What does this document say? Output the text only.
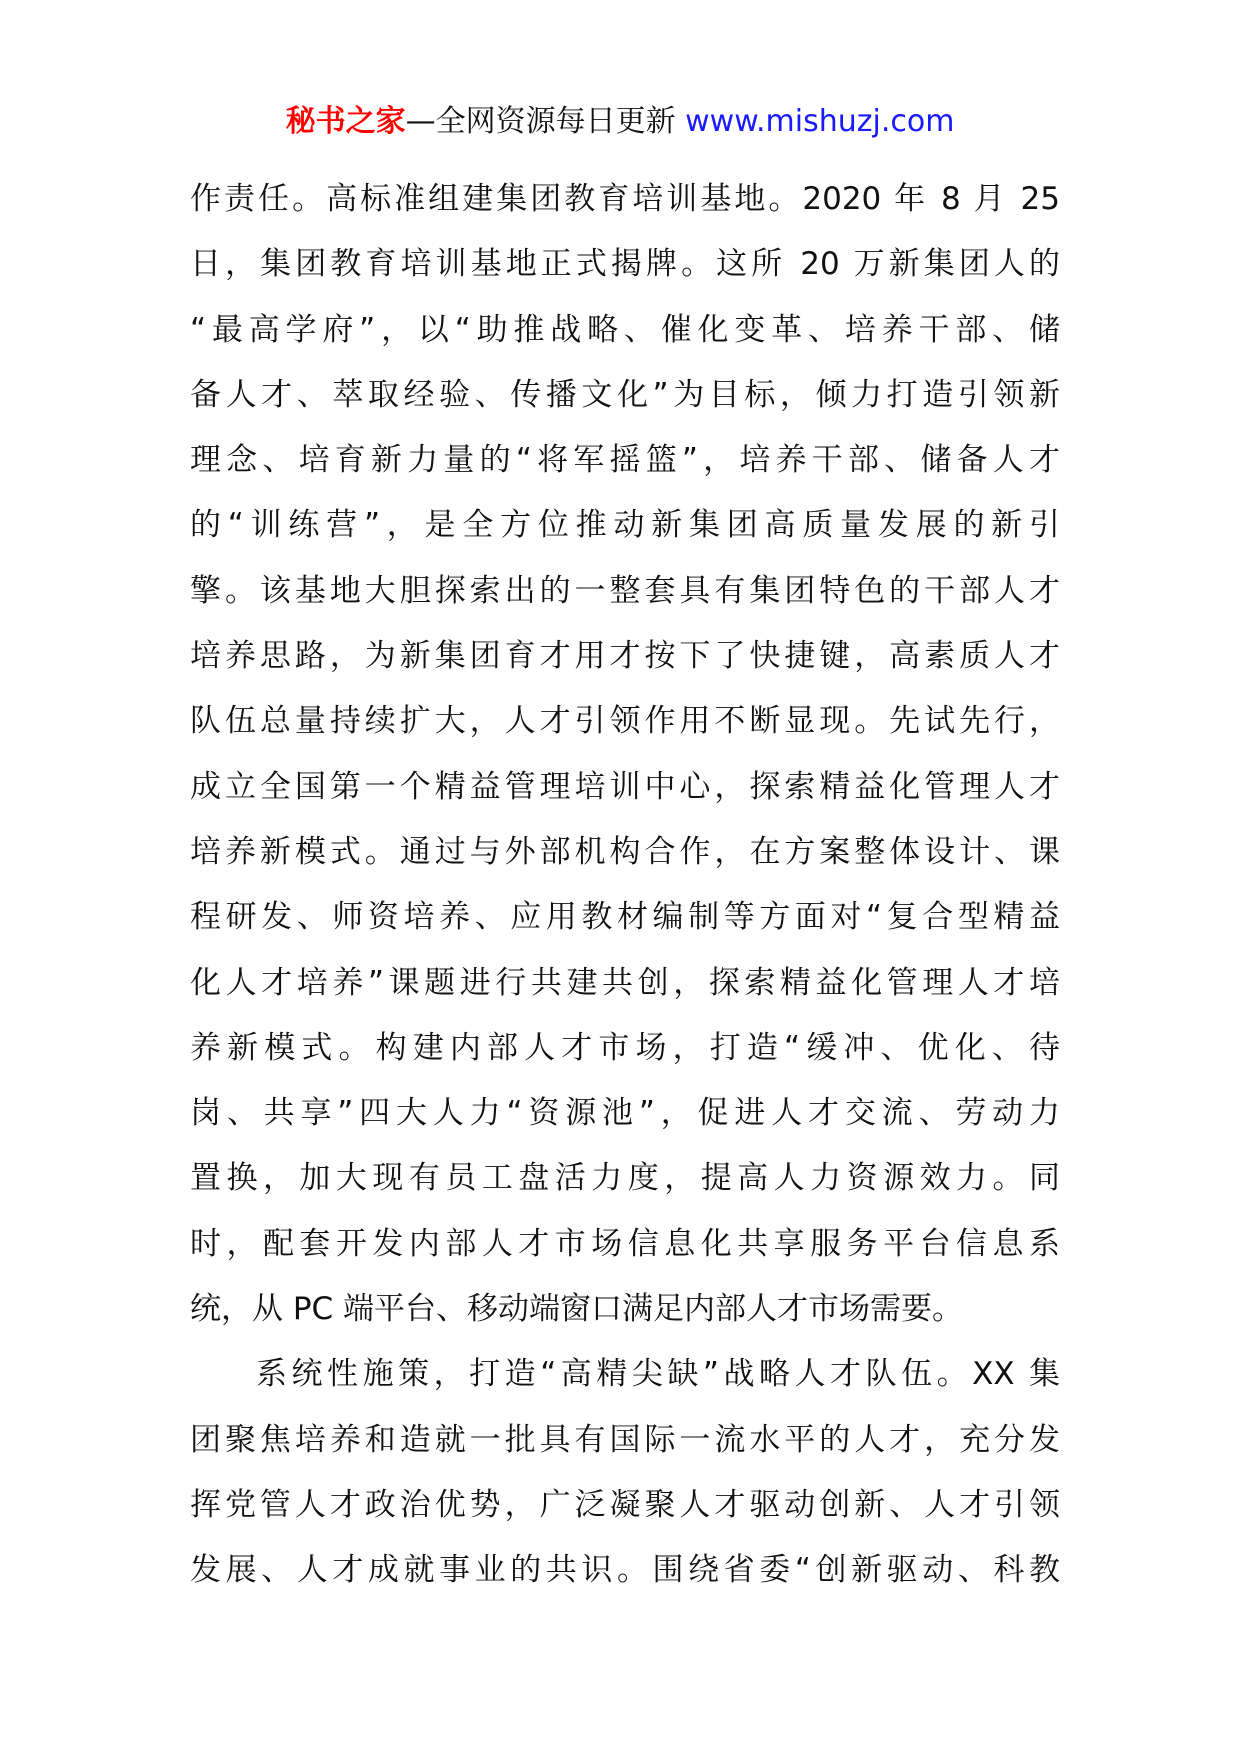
秘书之家—全网资源每日更新 www.mishuzj.com
作责任。高标准组建集团教育培训基地。2020 年 8 月 25
日，集团教育培训基地正式揭牌。这所 20 万新集团人的
“最高学府”，以“助推战略、催化变革、培养干部、储
备人才、萃取经验、传播文化”为目标，倾力打造引领新
理念、培育新力量的“将军摇篮”，培养干部、储备人才
的“训练营”，是全方位推动新集团高质量发展的新引
擎。该基地大胆探索出的一整套具有集团特色的干部人才
培养思路，为新集团育才用才按下了快捷键，高素质人才
队伍总量持续扩大，人才引领作用不断显现。先试先行，
成立全国第一个精益管理培训中心，探索精益化管理人才
培养新模式。通过与外部机构合作，在方案整体设计、课
程研发、师资培养、应用教材编制等方面对“复合型精益
化人才培养”课题进行共建共创，探索精益化管理人才培
养新模式。构建内部人才市场，打造“缓冲、优化、待
岗、共享”四大人力“资源池”，促进人才交流、劳动力
置换，加大现有员工盘活力度，提高人力资源效力。同
时，配套开发内部人才市场信息化共享服务平台信息系
统，从 PC 端平台、移动端窗口满足内部人才市场需要。
系统性施策，打造“高精尖缺”战略人才队伍。XX 集
团聚焦培养和造就一批具有国际一流水平的人才，充分发
挥党管人才政治优势，广泛凝聚人才驱动创新、人才引领
发展、人才成就事业的共识。围绕省委“创新驱动、科教
